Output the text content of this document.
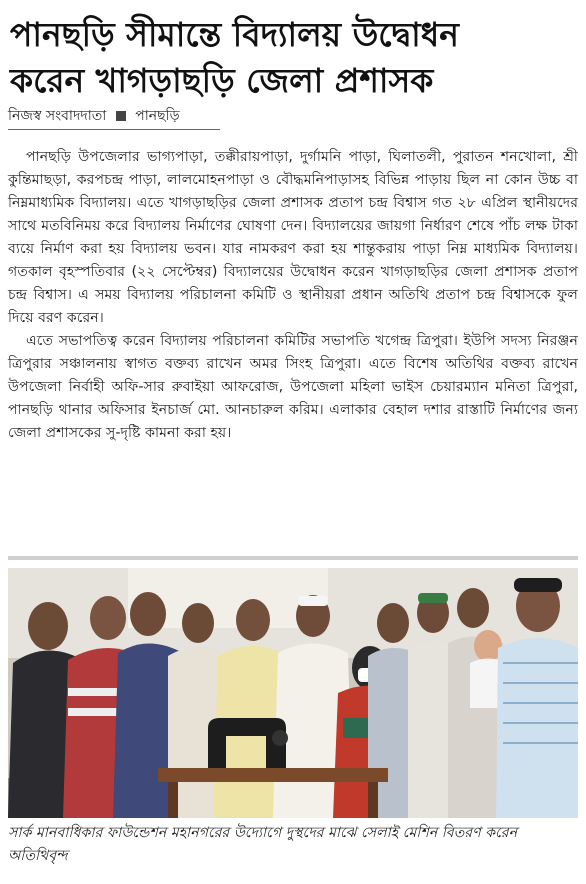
পানছড়ি সীমান্তে বিদ্যালয় উদ্বোধন
করেন খাগড়াছড়ি জেলা প্রশাসক
নিজস্ব সংবাদদাতা পানছড়ি

পানছড়ি উপজেলার ভাগ্যপাড়া, তক্কীরায়পাড়া, দুর্গামনি পাড়া, ঘিলাতলী, পুরাতন শনখোলা, শ্রী কুন্তিমাছড়া, করপচন্দ্র পাড়া, লালমোহনপাড়া ও বৌদ্ধমনিপাড়াসহ বিভিন্ন পাড়ায় ছিল না কোন উচ্চ বা নিম্নমাধ্যমিক বিদ্যালয়। এতে খাগড়াছড়ির জেলা প্রশাসক প্রতাপ চন্দ্র বিশ্বাস গত ২৮ এপ্রিল স্থানীয়দের সাথে মতবিনিময় করে বিদ্যালয় নির্মাণের ঘোষণা দেন। বিদ্যালয়ের জায়গা নির্ধারণ শেষে পাঁচ লক্ষ টাকা ব্যয়ে নির্মাণ করা হয় বিদ্যালয় ভবন। যার নামকরণ করা হয় শান্তুকরায় পাড়া নিম্ন মাধ্যমিক বিদ্যালয়। গতকাল বৃহস্পতিবার (২২ সেপ্টেম্বর) বিদ্যালয়ের উদ্বোধন করেন খাগড়াছড়ির জেলা প্রশাসক প্রতাপ চন্দ্র বিশ্বাস। এ সময় বিদ্যালয় পরিচালনা কমিটি ও স্থানীয়রা প্রধান অতিথি প্রতাপ চন্দ্র বিশ্বাসকে ফুল দিয়ে বরণ করেন।

এতে সভাপতিত্ব করেন বিদ্যালয় পরিচালনা কমিটির সভাপতি খগেন্দ্র ত্রিপুরা। ইউপি সদস্য নিরঞ্জন ত্রিপুরার সঞ্চালনায় স্বাগত বক্তব্য রাখেন অমর সিংহ ত্রিপুরা। এতে বিশেষ অতিথির বক্তব্য রাখেন উপজেলা নির্বাহী অফি-সার রুবাইয়া আফরোজ, উপজেলা মহিলা ভাইস চেয়ারম্যান মনিতা ত্রিপুরা, পানছড়ি থানার অফিসার ইনচার্জ মো. আনচারুল করিম। এলাকার বেহাল দশার রাস্তাটি নির্মাণের জন্য জেলা প্রশাসকের সু-দৃষ্টি কামনা করা হয়।

সার্ক মানবাধিকার ফাউন্ডেশন মহানগরের উদ্যোগে দুস্থদের মাঝে সেলাই মেশিন বিতরণ করেন অতিথিবৃন্দ
